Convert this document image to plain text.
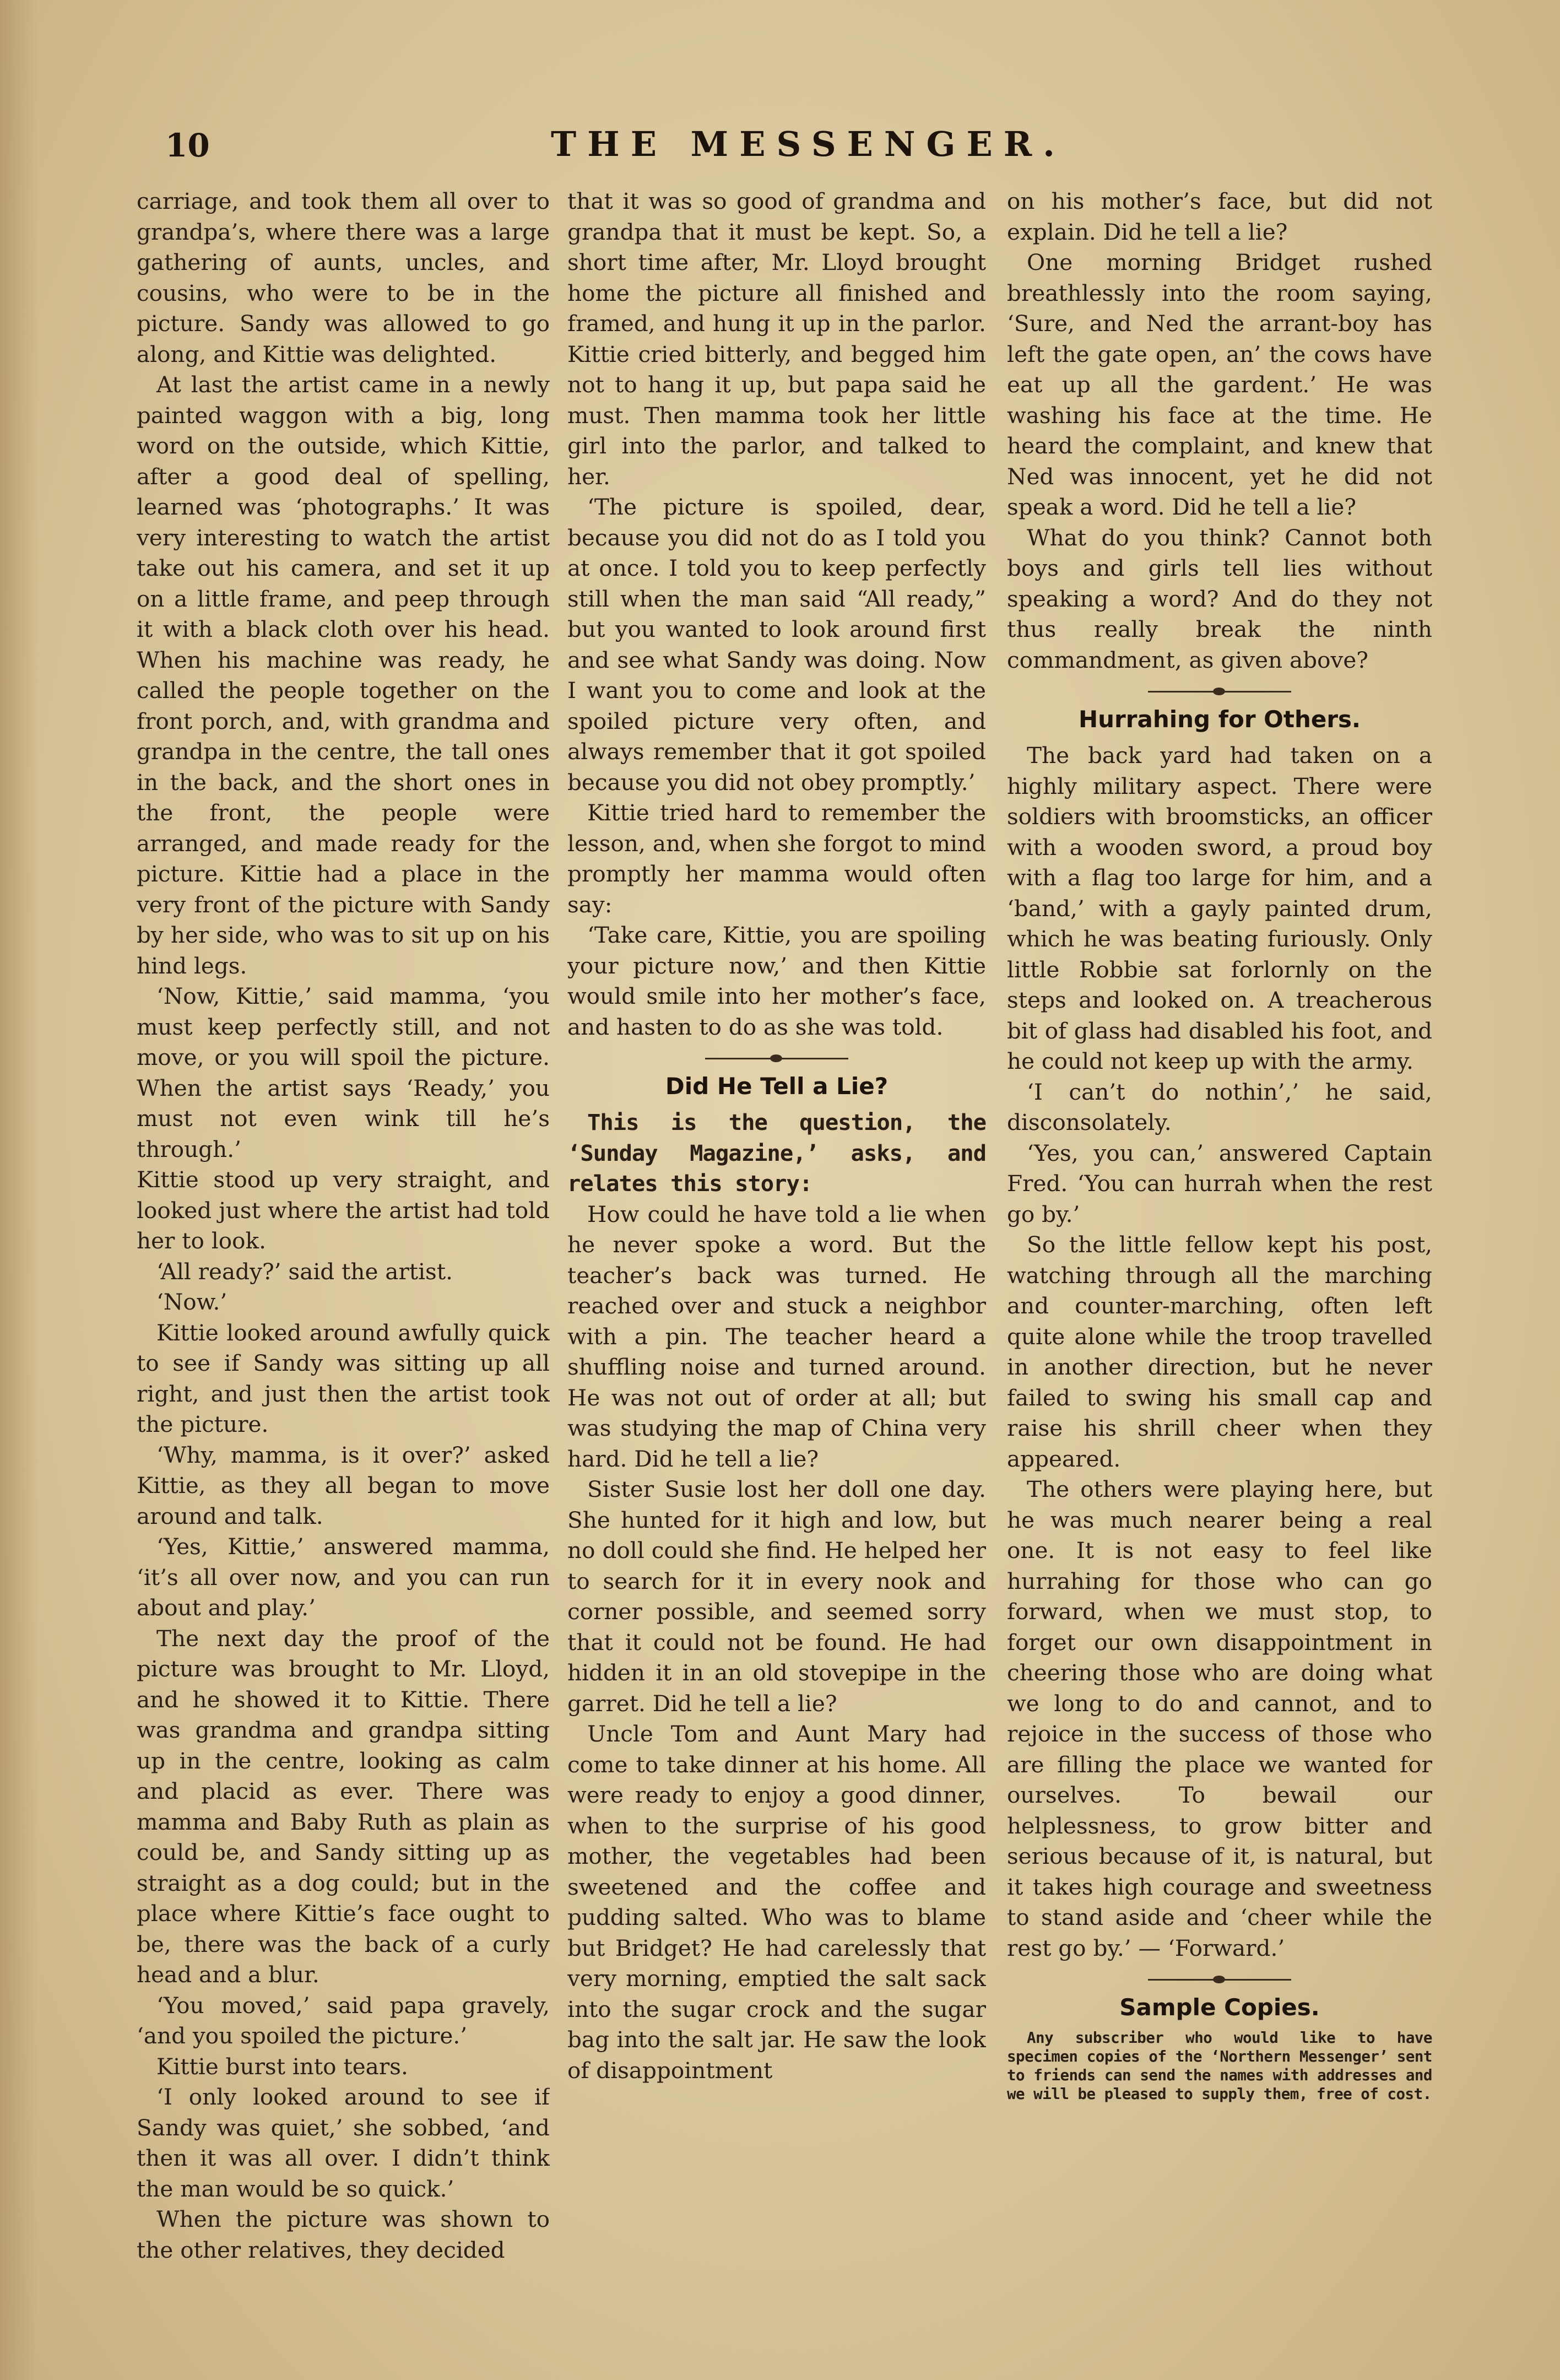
10	THE MESSENGER.

carriage, and took them all over to grandpa’s, where there was a large gathering of aunts, uncles, and cousins, who were to be in the picture. Sandy was allowed to go along, and Kittie was delighted.

At last the artist came in a newly painted waggon with a big, long word on the outside, which Kittie, after a good deal of spelling, learned was ‘photographs.’ It was very interesting to watch the artist take out his camera, and set it up on a little frame, and peep through it with a black cloth over his head. When his machine was ready, he called the people together on the front porch, and, with grandma and grandpa in the centre, the tall ones in the back, and the short ones in the front, the people were arranged, and made ready for the picture. Kittie had a place in the very front of the picture with Sandy by her side, who was to sit up on his hind legs.

‘Now, Kittie,’ said mamma, ‘you must keep perfectly still, and not move, or you will spoil the picture. When the artist says ‘Ready,’ you must not even wink till he’s through.’

Kittie stood up very straight, and looked just where the artist had told her to look.

‘All ready?’ said the artist.

‘Now.’

Kittie looked around awfully quick to see if Sandy was sitting up all right, and just then the artist took the picture.

‘Why, mamma, is it over?’ asked Kittie, as they all began to move around and talk.

‘Yes, Kittie,’ answered mamma, ‘it’s all over now, and you can run about and play.’

The next day the proof of the picture was brought to Mr. Lloyd, and he showed it to Kittie. There was grandma and grandpa sitting up in the centre, looking as calm and placid as ever. There was mamma and Baby Ruth as plain as could be, and Sandy sitting up as straight as a dog could; but in the place where Kittie’s face ought to be, there was the back of a curly head and a blur.

‘You moved,’ said papa gravely, ‘and you spoiled the picture.’

Kittie burst into tears.

‘I only looked around to see if Sandy was quiet,’ she sobbed, ‘and then it was all over. I didn’t think the man would be so quick.’

When the picture was shown to the other relatives, they decided

that it was so good of grandma and grandpa that it must be kept. So, a short time after, Mr. Lloyd brought home the picture all finished and framed, and hung it up in the parlor. Kittie cried bitterly, and begged him not to hang it up, but papa said he must. Then mamma took her little girl into the parlor, and talked to her.

‘The picture is spoiled, dear, because you did not do as I told you at once. I told you to keep perfectly still when the man said “All ready,” but you wanted to look around first and see what Sandy was doing. Now I want you to come and look at the spoiled picture very often, and always remember that it got spoiled because you did not obey promptly.’

Kittie tried hard to remember the lesson, and, when she forgot to mind promptly her mamma would often say:

‘Take care, Kittie, you are spoiling your picture now,’ and then Kittie would smile into her mother’s face, and hasten to do as she was told.

Did He Tell a Lie?

This is the question, the ‘Sunday Magazine,’ asks, and relates this story:

How could he have told a lie when he never spoke a word. But the teacher’s back was turned. He reached over and stuck a neighbor with a pin. The teacher heard a shuffling noise and turned around. He was not out of order at all; but was studying the map of China very hard. Did he tell a lie?

Sister Susie lost her doll one day. She hunted for it high and low, but no doll could she find. He helped her to search for it in every nook and corner possible, and seemed sorry that it could not be found. He had hidden it in an old stovepipe in the garret. Did he tell a lie?

Uncle Tom and Aunt Mary had come to take dinner at his home. All were ready to enjoy a good dinner, when to the surprise of his good mother, the vegetables had been sweetened and the coffee and pudding salted. Who was to blame but Bridget? He had carelessly that very morning, emptied the salt sack into the sugar crock and the sugar bag into the salt jar. He saw the look of disappointment

on his mother’s face, but did not explain. Did he tell a lie?

One morning Bridget rushed breathlessly into the room saying, ‘Sure, and Ned the arrant-boy has left the gate open, an’ the cows have eat up all the gardent.’ He was washing his face at the time. He heard the complaint, and knew that Ned was innocent, yet he did not speak a word. Did he tell a lie?

What do you think? Cannot both boys and girls tell lies without speaking a word? And do they not thus really break the ninth commandment, as given above?

Hurrahing for Others.

The back yard had taken on a highly military aspect. There were soldiers with broomsticks, an officer with a wooden sword, a proud boy with a flag too large for him, and a ‘band,’ with a gayly painted drum, which he was beating furiously. Only little Robbie sat forlornly on the steps and looked on. A treacherous bit of glass had disabled his foot, and he could not keep up with the army.

‘I can’t do nothin’,’ he said, disconsolately.

‘Yes, you can,’ answered Captain Fred. ‘You can hurrah when the rest go by.’

So the little fellow kept his post, watching through all the marching and counter-marching, often left quite alone while the troop travelled in another direction, but he never failed to swing his small cap and raise his shrill cheer when they appeared.

The others were playing here, but he was much nearer being a real one. It is not easy to feel like hurrahing for those who can go forward, when we must stop, to forget our own disappointment in cheering those who are doing what we long to do and cannot, and to rejoice in the success of those who are filling the place we wanted for ourselves. To bewail our helplessness, to grow bitter and serious because of it, is natural, but it takes high courage and sweetness to stand aside and ‘cheer while the rest go by.’ — ‘Forward.’

Sample Copies.

Any subscriber who would like to have specimen copies of the ‘Northern Messenger’ sent to friends can send the names with addresses and we will be pleased to supply them, free of cost.
